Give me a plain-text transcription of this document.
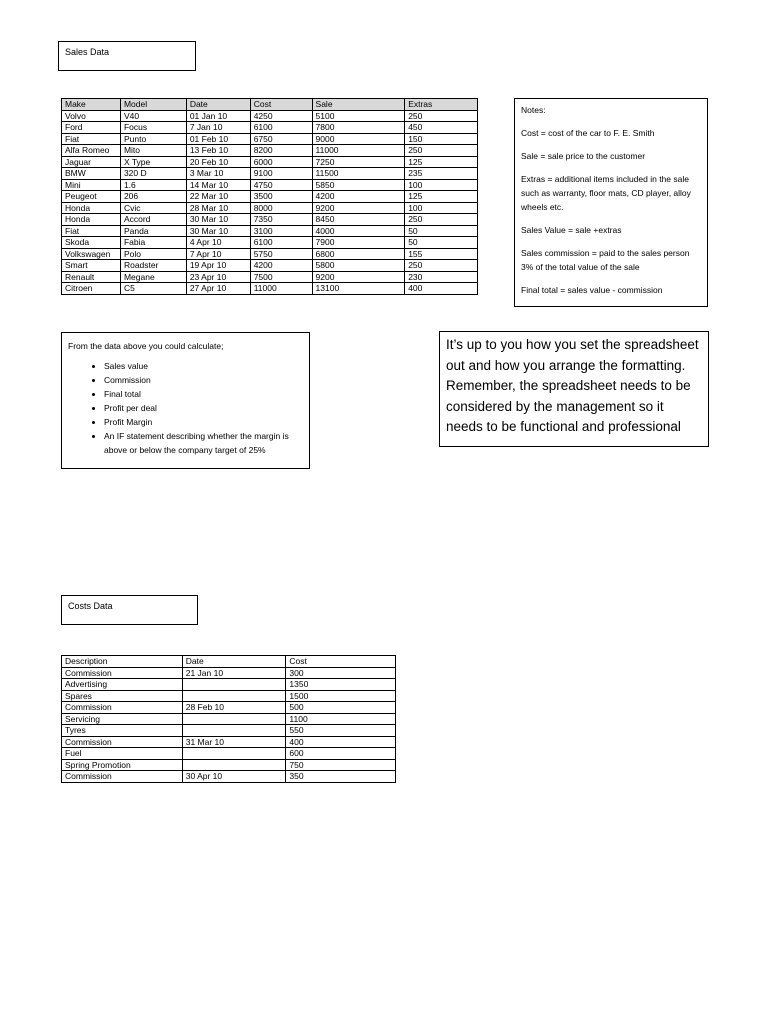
Sales Data
Make	Model	Date	Cost	Sale	Extras
Volvo	V40	01 Jan 10	4250	5100	250
Ford	Focus	7 Jan 10	6100	7800	450
Fiat	Punto	01 Feb 10	6750	9000	150
Alfa Romeo	Mito	13 Feb 10	8200	11000	250
Jaguar	X Type	20 Feb 10	6000	7250	125
BMW	320 D	3 Mar 10	9100	11500	235
Mini	1.6	14 Mar 10	4750	5850	100
Peugeot	206	22 Mar 10	3500	4200	125
Honda	Cvic	28 Mar 10	8000	9200	100
Honda	Accord	30 Mar 10	7350	8450	250
Fiat	Panda	30 Mar 10	3100	4000	50
Skoda	Fabia	4 Apr 10	6100	7900	50
Volkswagen	Polo	7 Apr 10	5750	6800	155
Smart	Roadster	19 Apr 10	4200	5800	250
Renault	Megane	23 Apr 10	7500	9200	230
Citroen	C5	27 Apr 10	11000	13100	400

Notes:

Cost = cost of the car to F. E. Smith

Sale = sale price to the customer

Extras = additional items included in the sale such as warranty, floor mats, CD player, alloy wheels etc.

Sales Value = sale +extras

Sales commission = paid to the sales person 3% of the total value of the sale

Final total = sales value - commission

From the data above you could calculate;
• Sales value
• Commission
• Final total
• Profit per deal
• Profit Margin
• An IF statement describing whether the margin is above or below the company target of 25%
It’s up to you how you set the spreadsheet out and how you arrange the formatting. Remember, the spreadsheet needs to be considered by the management so it needs to be functional and professional
Costs Data
Description	Date	Cost
Commission	21 Jan 10	300
Advertising		1350
Spares		1500
Commission	28 Feb 10	500
Servicing		1100
Tyres		550
Commission	31 Mar 10	400
Fuel		600
Spring Promotion		750
Commission	30 Apr 10	350
